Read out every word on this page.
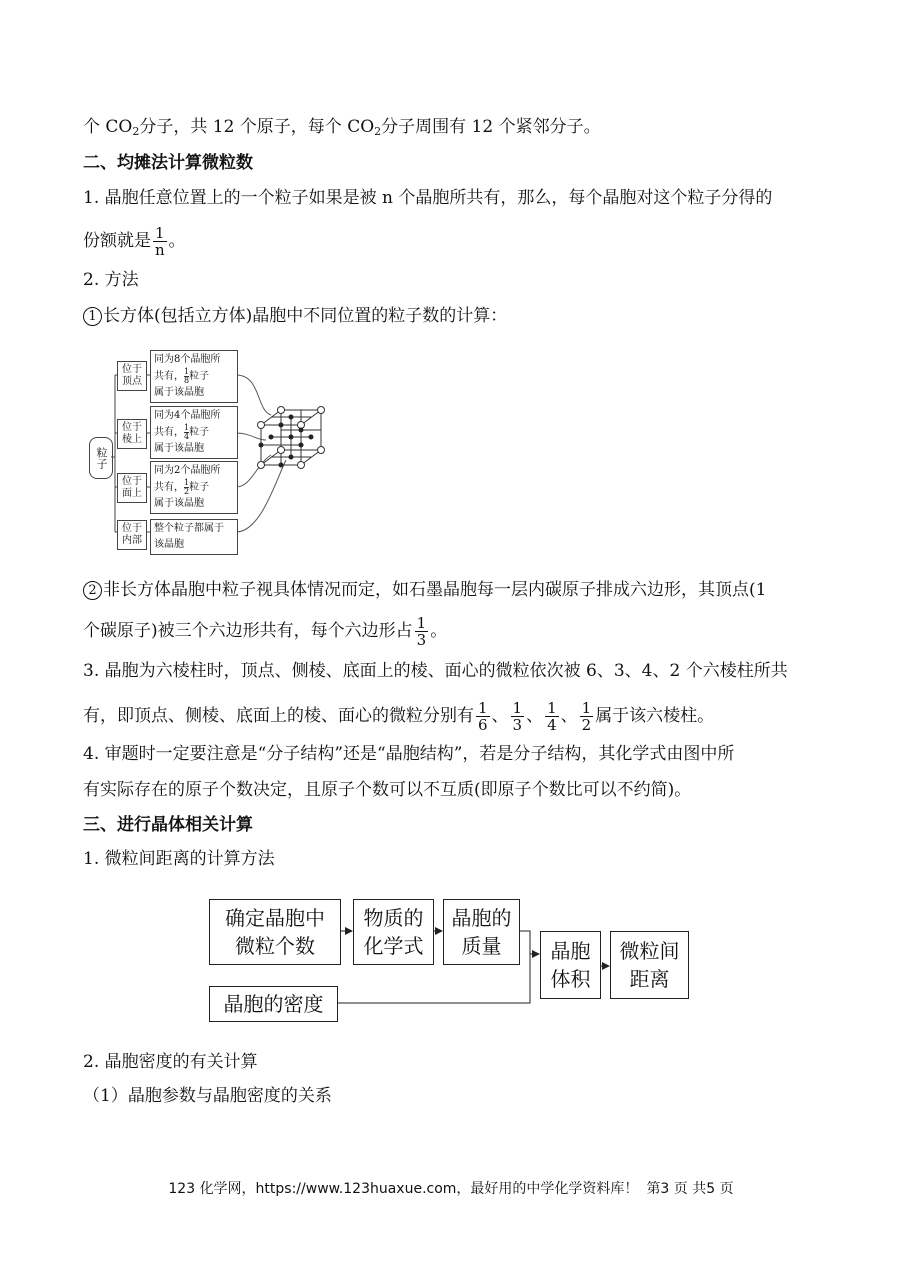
个 $CO_2$分子，共 12 个原子，每个 $CO_2$分子周围有 12 个紧邻分子。
二、均摊法计算微粒数
1. 晶胞任意位置上的一个粒子如果是被 n 个晶胞所共有，那么，每个晶胞对这个粒子分得的
份额就是 $\frac{1}{n}$ 。
2. 方法
1 长方体(包括立方体)晶胞中不同位置的粒子数的计算：
粒子
位于顶点
同为8个晶胞所
共有， $\frac{1}{8}$ 粒子
属于该晶胞
位于棱上
同为4个晶胞所
共有， $\frac{1}{4}$ 粒子
属于该晶胞
位于面上
同为2个晶胞所
共有， $\frac{1}{2}$ 粒子
属于该晶胞
位于内部
整个粒子都属于
该晶胞
2 非长方体晶胞中粒子视具体情况而定，如石墨晶胞每一层内碳原子排成六边形，其顶点(1
个碳原子)被三个六边形共有，每个六边形占 $\frac{1}{3}$ 。
3. 晶胞为六棱柱时，顶点、侧棱、底面上的棱、面心的微粒依次被 6、3、4、2 个六棱柱所共
有，即顶点、侧棱、底面上的棱、面心的微粒分别有 $\frac{1}{6}$ 、 $\frac{1}{3}$ 、 $\frac{1}{4}$ 、 $\frac{1}{2}$ 属于该六棱柱。
4. 审题时一定要注意是“分子结构”还是“晶胞结构”，若是分子结构，其化学式由图中所
有实际存在的原子个数决定，且原子个数可以不互质(即原子个数比可以不约简)。
三、进行晶体相关计算
1. 微粒间距离的计算方法
确定晶胞中
微粒个数
物质的
化学式
晶胞的
质量	晶胞
体积
微粒间
距离
晶胞的密度
2. 晶胞密度的有关计算
（1）晶胞参数与晶胞密度的关系
123 化学网，https://www.123huaxue.com，最好用的中学化学资料库！ 第3 页 共5 页
